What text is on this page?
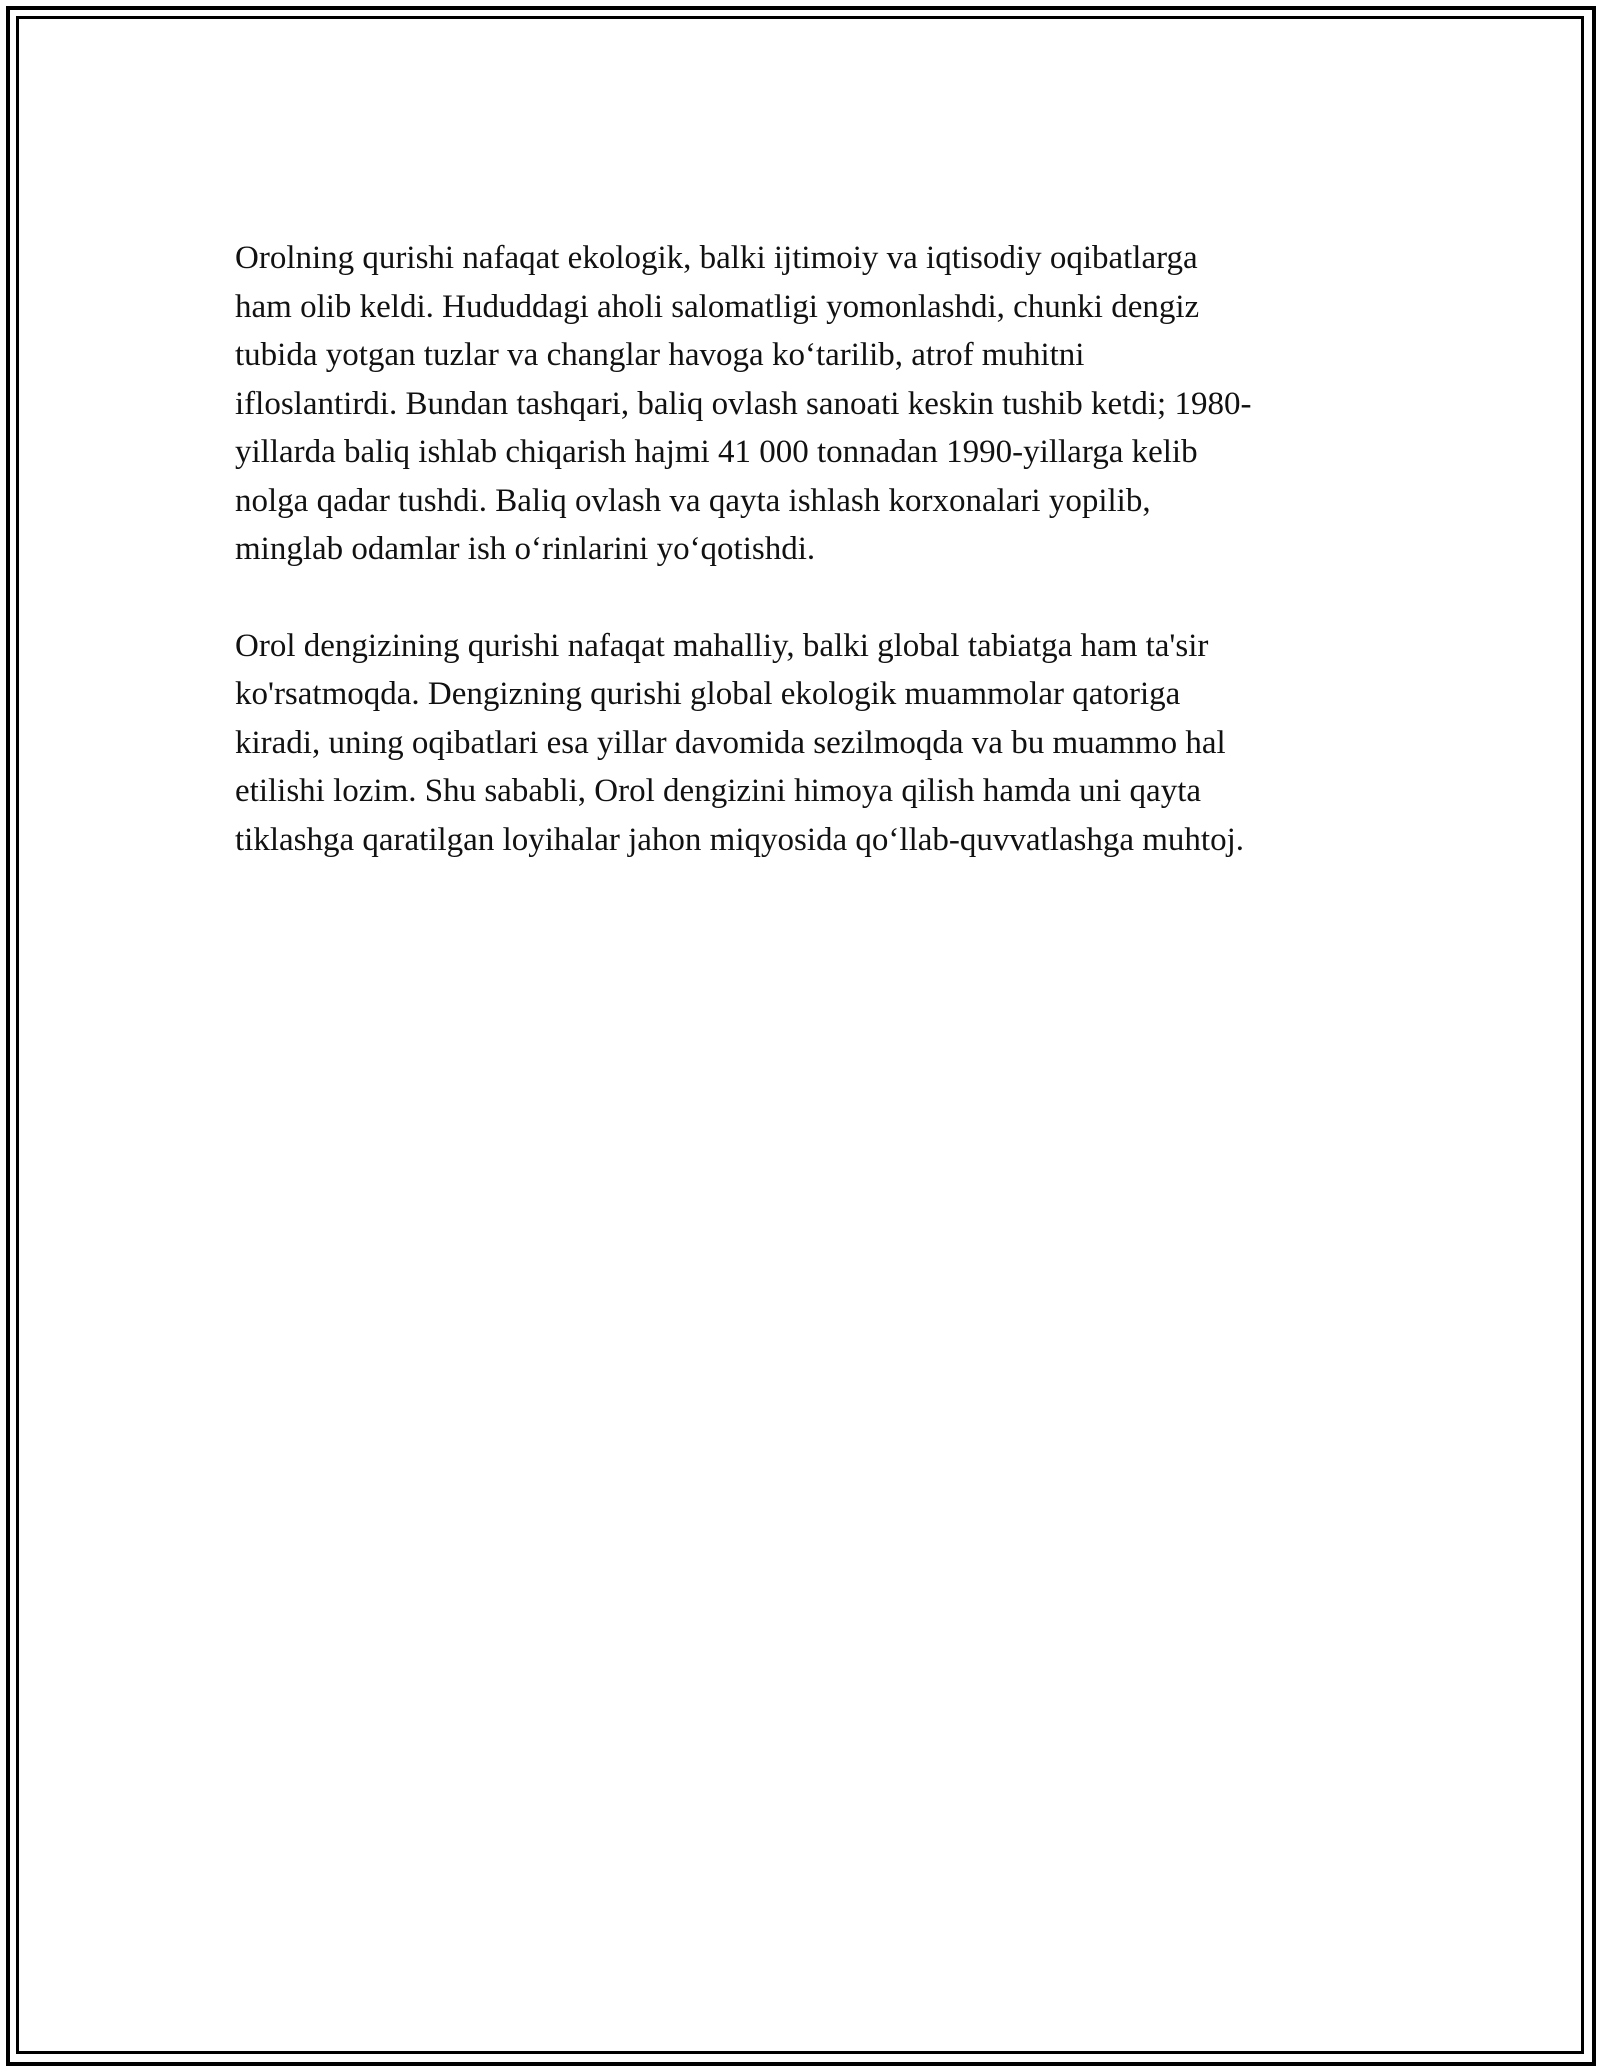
Orolning qurishi nafaqat ekologik, balki ijtimoiy va iqtisodiy oqibatlarga
ham olib keldi. Hududdagi aholi salomatligi yomonlashdi, chunki dengiz
tubida yotgan tuzlar va changlar havoga ko‘tarilib, atrof muhitni
ifloslantirdi. Bundan tashqari, baliq ovlash sanoati keskin tushib ketdi; 1980-
yillarda baliq ishlab chiqarish hajmi 41 000 tonnadan 1990-yillarga kelib
nolga qadar tushdi. Baliq ovlash va qayta ishlash korxonalari yopilib,
minglab odamlar ish o‘rinlarini yo‘qotishdi.

Orol dengizining qurishi nafaqat mahalliy, balki global tabiatga ham ta'sir
ko'rsatmoqda. Dengizning qurishi global ekologik muammolar qatoriga
kiradi, uning oqibatlari esa yillar davomida sezilmoqda va bu muammo hal
etilishi lozim. Shu sababli, Orol dengizini himoya qilish hamda uni qayta
tiklashga qaratilgan loyihalar jahon miqyosida qo‘llab-quvvatlashga muhtoj.
